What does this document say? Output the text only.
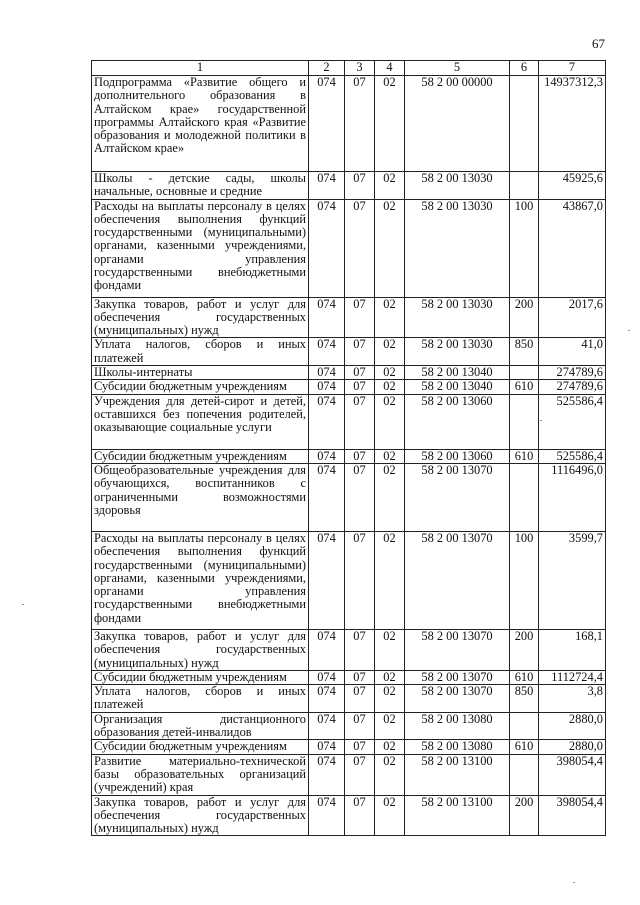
67
1	2	3	4	5	6	7
Подпрограмма «Развитие общего и дополнительного образования в Алтайском крае» государственной программы Алтайского края «Развитие образования и молодежной политики в Алтайском крае»	074	07	02	58 2 00 00000		14937312,3
Школы - детские сады, школы начальные, основные и средние	074	07	02	58 2 00 13030		45925,6
Расходы на выплаты персоналу в целях обеспечения выполнения функций государственными (муниципальными) органами, казенными учреждениями, органами управления государственными внебюджетными фондами	074	07	02	58 2 00 13030	100	43867,0
Закупка товаров, работ и услуг для обеспечения государственных (муниципальных) нужд	074	07	02	58 2 00 13030	200	2017,6
Уплата налогов, сборов и иных платежей	074	07	02	58 2 00 13030	850	41,0
Школы-интернаты	074	07	02	58 2 00 13040		274789,6
Субсидии бюджетным учреждениям	074	07	02	58 2 00 13040	610	274789,6
Учреждения для детей-сирот и детей, оставшихся без попечения родителей, оказывающие социальные услуги	074	07	02	58 2 00 13060		525586,4
Субсидии бюджетным учреждениям	074	07	02	58 2 00 13060	610	525586,4
Общеобразовательные учреждения для обучающихся, воспитанников с ограниченными возможностями здоровья	074	07	02	58 2 00 13070		1116496,0
Расходы на выплаты персоналу в целях обеспечения выполнения функций государственными (муниципальными) органами, казенными учреждениями, органами управления государственными внебюджетными фондами	074	07	02	58 2 00 13070	100	3599,7
Закупка товаров, работ и услуг для обеспечения государственных (муниципальных) нужд	074	07	02	58 2 00 13070	200	168,1
Субсидии бюджетным учреждениям	074	07	02	58 2 00 13070	610	1112724,4
Уплата налогов, сборов и иных платежей	074	07	02	58 2 00 13070	850	3,8
Организация дистанционного образования детей-инвалидов	074	07	02	58 2 00 13080		2880,0
Субсидии бюджетным учреждениям	074	07	02	58 2 00 13080	610	2880,0
Развитие материально-технической базы образовательных организаций (учреждений) края	074	07	02	58 2 00 13100		398054,4
Закупка товаров, работ и услуг для обеспечения государственных (муниципальных) нужд	074	07	02	58 2 00 13100	200	398054,4
